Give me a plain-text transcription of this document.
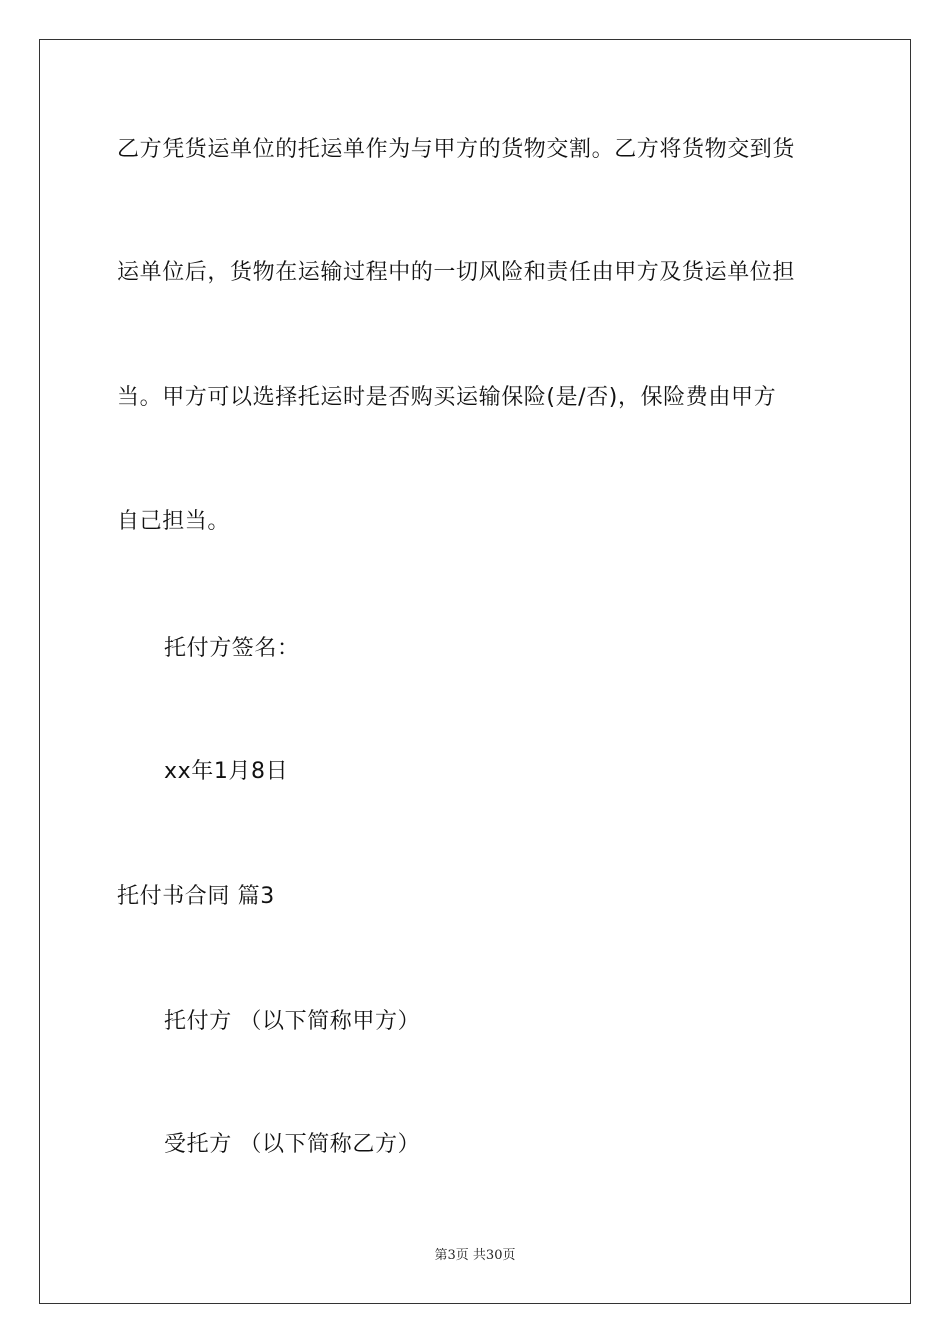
乙方凭货运单位的托运单作为与甲方的货物交割。乙方将货物交到货
运单位后，货物在运输过程中的一切风险和责任由甲方及货运单位担
当。甲方可以选择托运时是否购买运输保险(是/否)，保险费由甲方
自己担当。
托付方签名：
xx年1月8日
托付书合同 篇3
托付方 （以下简称甲方）
受托方 （以下简称乙方）
第3页 共30页
